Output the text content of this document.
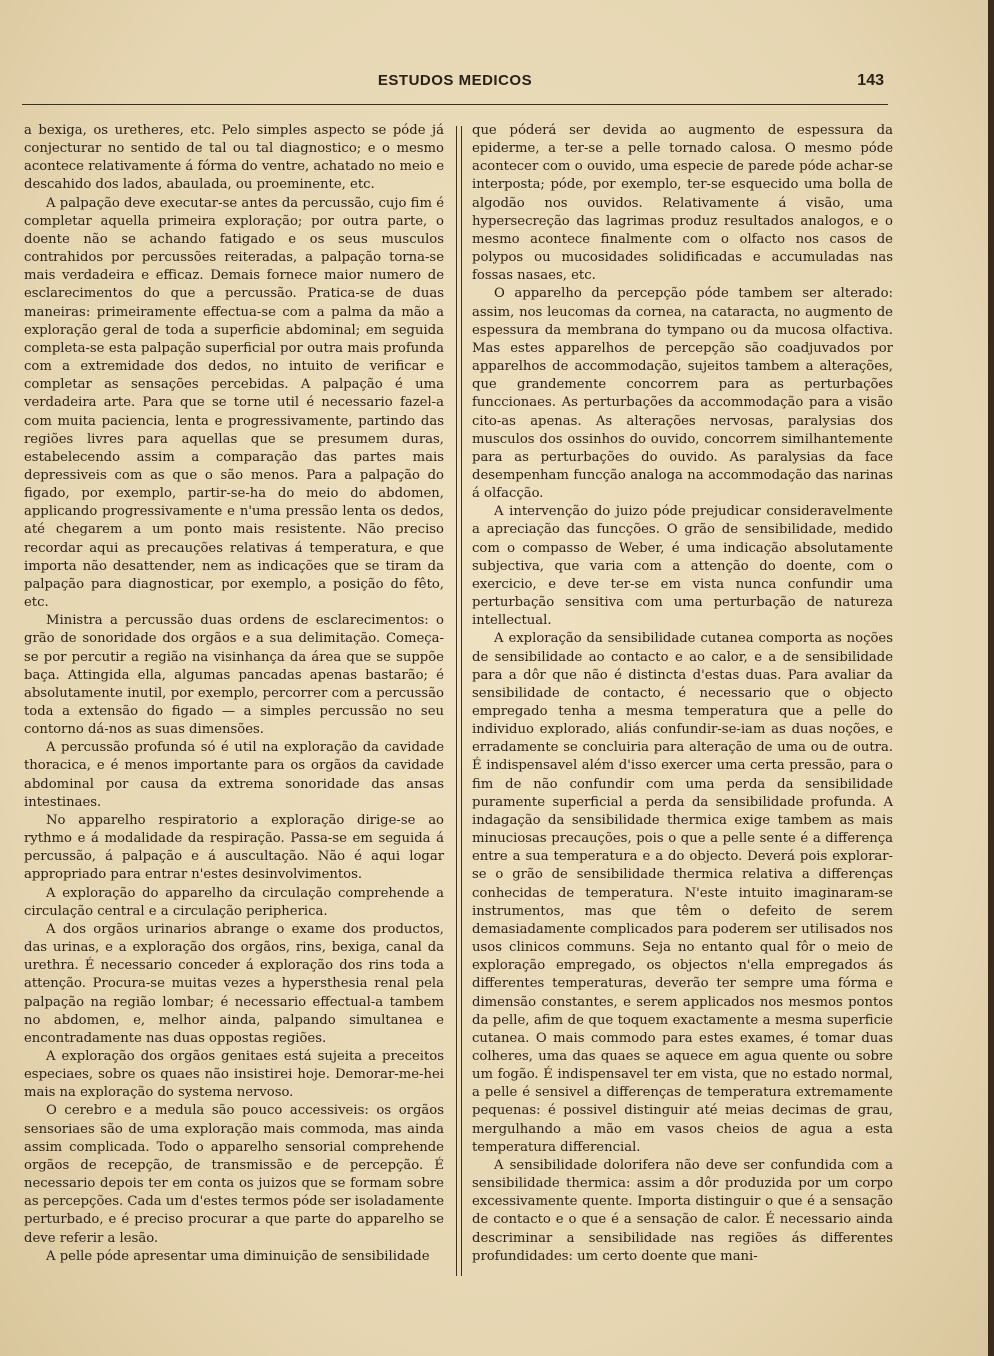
ESTUDOS MEDICOS	143

a bexiga, os uretheres, etc. Pelo simples aspecto se póde já conjecturar no sentido de tal ou tal diagnostico; e o mesmo acontece relativamente á fórma do ventre, achatado no meio e descahido dos lados, abaulada, ou proeminente, etc.

A palpação deve executar-se antes da percussão, cujo fim é completar aquella primeira exploração; por outra parte, o doente não se achando fatigado e os seus musculos contrahidos por percussões reiteradas, a palpação torna-se mais verdadeira e efficaz. Demais fornece maior numero de esclarecimentos do que a percussão. Pratica-se de duas maneiras: primeiramente effectua-se com a palma da mão a exploração geral de toda a superficie abdominal; em seguida completa-se esta palpação superficial por outra mais profunda com a extremidade dos dedos, no intuito de verificar e completar as sensações percebidas. A palpação é uma verdadeira arte. Para que se torne util é necessario fazel-a com muita paciencia, lenta e progressivamente, partindo das regiões livres para aquellas que se presumem duras, estabelecendo assim a comparação das partes mais depressiveis com as que o são menos. Para a palpação do figado, por exemplo, partir-se-ha do meio do abdomen, applicando progressivamente e n'uma pressão lenta os dedos, até chegarem a um ponto mais resistente. Não preciso recordar aqui as precauções relativas á temperatura, e que importa não desattender, nem as indicações que se tiram da palpação para diagnosticar, por exemplo, a posição do fêto, etc.

Ministra a percussão duas ordens de esclarecimentos: o grão de sonoridade dos orgãos e a sua delimitação. Começa-se por percutir a região na visinhança da área que se suppõe baça. Attingida ella, algumas pancadas apenas bastarão; é absolutamente inutil, por exemplo, percorrer com a percussão toda a extensão do figado — a simples percussão no seu contorno dá-nos as suas dimensões.

A percussão profunda só é util na exploração da cavidade thoracica, e é menos importante para os orgãos da cavidade abdominal por causa da extrema sonoridade das ansas intestinaes.

No apparelho respiratorio a exploração dirige-se ao rythmo e á modalidade da respiração. Passa-se em seguida á percussão, á palpação e á auscultação. Não é aqui logar appropriado para entrar n'estes desinvolvimentos.

A exploração do apparelho da circulação comprehende a circulação central e a circulação peripherica.

A dos orgãos urinarios abrange o exame dos productos, das urinas, e a exploração dos orgãos, rins, bexiga, canal da urethra. É necessario conceder á exploração dos rins toda a attenção. Procura-se muitas vezes a hypersthesia renal pela palpação na região lombar; é necessario effectual-a tambem no abdomen, e, melhor ainda, palpando simultanea e encontradamente nas duas oppostas regiões.

A exploração dos orgãos genitaes está sujeita a preceitos especiaes, sobre os quaes não insistirei hoje. Demorar-me-hei mais na exploração do systema nervoso.

O cerebro e a medula são pouco accessiveis: os orgãos sensoriaes são de uma exploração mais commoda, mas ainda assim complicada. Todo o apparelho sensorial comprehende orgãos de recepção, de transmissão e de percepção. É necessario depois ter em conta os juizos que se formam sobre as percepções. Cada um d'estes termos póde ser isoladamente perturbado, e é preciso procurar a que parte do apparelho se deve referir a lesão.

A pelle póde apresentar uma diminuição de sensibilidade

que póderá ser devida ao augmento de espessura da epiderme, a ter-se a pelle tornado calosa. O mesmo póde acontecer com o ouvido, uma especie de parede póde achar-se interposta; póde, por exemplo, ter-se esquecido uma bolla de algodão nos ouvidos. Relativamente á visão, uma hypersecreção das lagrimas produz resultados analogos, e o mesmo acontece finalmente com o olfacto nos casos de polypos ou mucosidades solidificadas e accumuladas nas fossas nasaes, etc.

O apparelho da percepção póde tambem ser alterado: assim, nos leucomas da cornea, na cataracta, no augmento de espessura da membrana do tympano ou da mucosa olfactiva. Mas estes apparelhos de percepção são coadjuvados por apparelhos de accommodação, sujeitos tambem a alterações, que grandemente concorrem para as perturbações funccionaes. As perturbações da accommodação para a visão cito-as apenas. As alterações nervosas, paralysias dos musculos dos ossinhos do ouvido, concorrem similhantemente para as perturbações do ouvido. As paralysias da face desempenham funcção analoga na accommodação das narinas á olfacção.

A intervenção do juizo póde prejudicar consideravelmente a apreciação das funcções. O grão de sensibilidade, medido com o compasso de Weber, é uma indicação absolutamente subjectiva, que varia com a attenção do doente, com o exercicio, e deve ter-se em vista nunca confundir uma perturbação sensitiva com uma perturbação de natureza intellectual.

A exploração da sensibilidade cutanea comporta as noções de sensibilidade ao contacto e ao calor, e a de sensibilidade para a dôr que não é distincta d'estas duas. Para avaliar da sensibilidade de contacto, é necessario que o objecto empregado tenha a mesma temperatura que a pelle do individuo explorado, aliás confundir-se-iam as duas noções, e erradamente se concluiria para alteração de uma ou de outra. É indispensavel além d'isso exercer uma certa pressão, para o fim de não confundir com uma perda da sensibilidade puramente superficial a perda da sensibilidade profunda. A indagação da sensibilidade thermica exige tambem as mais minuciosas precauções, pois o que a pelle sente é a differença entre a sua temperatura e a do objecto. Deverá pois explorar-se o grão de sensibilidade thermica relativa a differenças conhecidas de temperatura. N'este intuito imaginaram-se instrumentos, mas que têm o defeito de serem demasiadamente complicados para poderem ser utilisados nos usos clinicos communs. Seja no entanto qual fôr o meio de exploração empregado, os objectos n'ella empregados ás differentes temperaturas, deverão ter sempre uma fórma e dimensão constantes, e serem applicados nos mesmos pontos da pelle, afim de que toquem exactamente a mesma superficie cutanea. O mais commodo para estes exames, é tomar duas colheres, uma das quaes se aquece em agua quente ou sobre um fogão. É indispensavel ter em vista, que no estado normal, a pelle é sensivel a differenças de temperatura extremamente pequenas: é possivel distinguir até meias decimas de grau, mergulhando a mão em vasos cheios de agua a esta temperatura differencial.

A sensibilidade dolorifera não deve ser confundida com a sensibilidade thermica: assim a dôr produzida por um corpo excessivamente quente. Importa distinguir o que é a sensação de contacto e o que é a sensação de calor. É necessario ainda descriminar a sensibilidade nas regiões ás differentes profundidades: um certo doente que mani-
